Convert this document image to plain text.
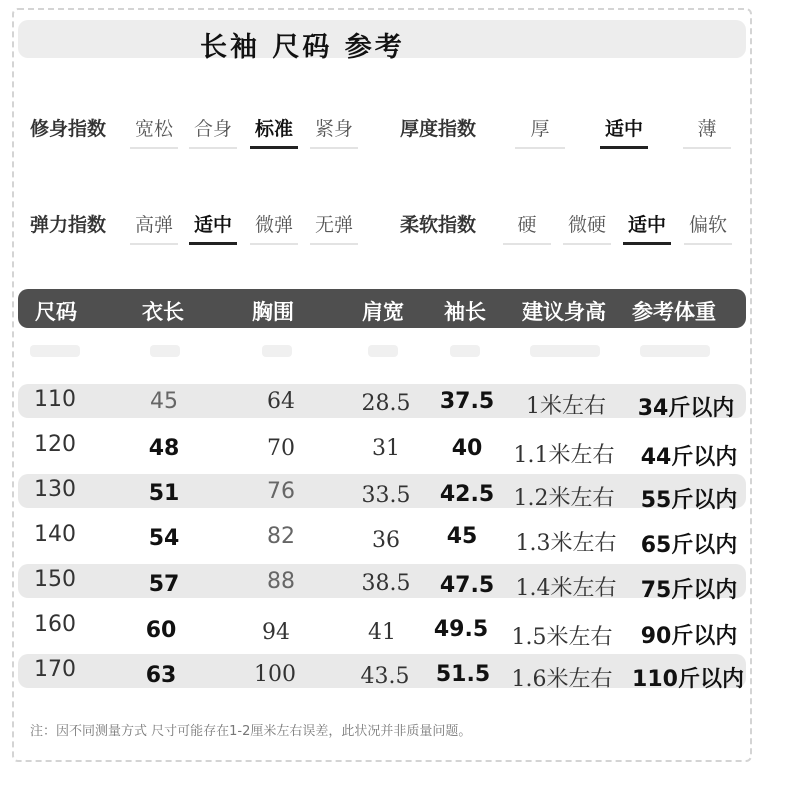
长袖 尺码 参考
修身指数 宽松 合身 标准 紧身 厚度指数	厚	适中	薄
弹力指数 高弹 适中 微弹 无弹 柔软指数	硬	微硬 适中 偏软
尺码	衣长	胸围	肩宽	袖长	建议身高	参考体重
110	45	64	28.5 37.5	1米左右	34斤以内
120	48	70	31	40	1.1米左右	44斤以内
130	51	76	33.5 42.5 1.2米左右	55斤以内
140	54	82	36	45	1.3米左右	65斤以内
150	57	88	38.5 47.5 1.4米左右	75斤以内
160	60	94	41	49.5	1.5米左右	90斤以内
170	63	100	43.5 51.5 1.6米左右 110斤以内
注：因不同测量方式 尺寸可能存在1-2厘米左右误差，此状况并非质量问题。
